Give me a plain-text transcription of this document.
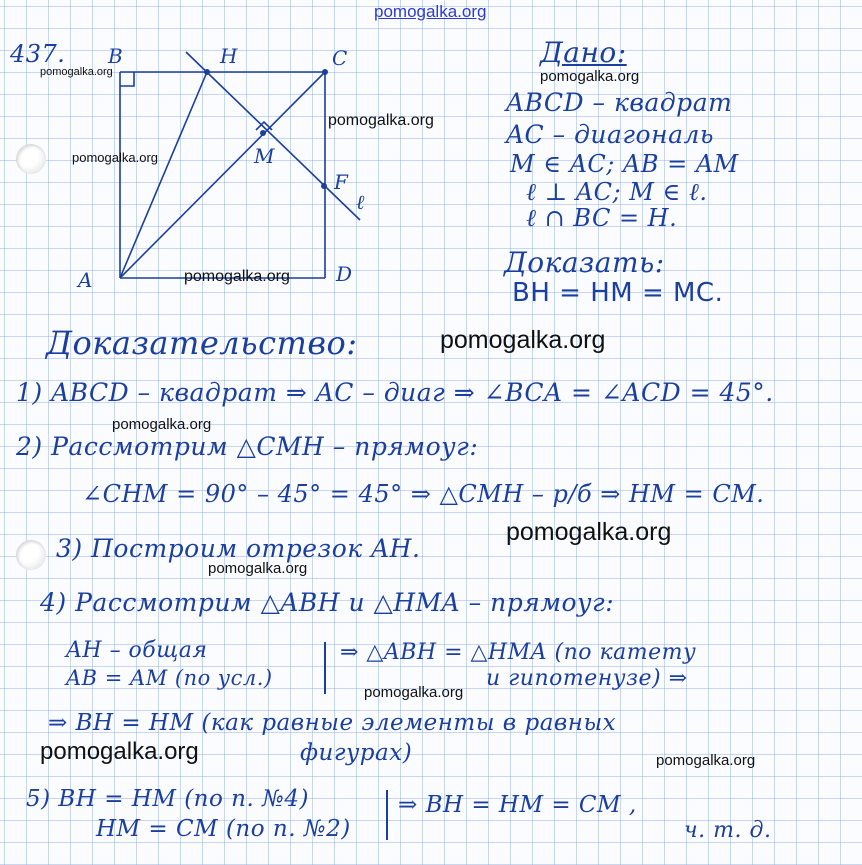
pomogalka.org
437. B	H	C
M
F
ℓ
A	D
Дано:
ABCD – квадрат
AC – диагональ
M ∈ AC; AB = AM
ℓ ⊥ AC; M ∈ ℓ.
ℓ ∩ BC = H.
Доказать:
BH = HM = MC.
Доказательство:
1) ABCD – квадрат ⇒ AC – диаг ⇒ ∠BCA = ∠ACD = 45°.
2) Рассмотрим △CMH – прямоуг:
∠CHM = 90° – 45° = 45° ⇒ △CMH – р/б ⇒ HM = CM.
3) Построим отрезок AH.
4) Рассмотрим △ABH и △HMA – прямоуг:
AH – общая
AB = AM (по усл.)
⇒ △ABH = △HMA (по катету
и гипотенузе) ⇒
⇒ BH = HM (как равные элементы в равных
фигурах)
5) BH = HM (по п. №4)
HM = CM (по п. №2)
⇒ BH = HM = CM ,
ч. т. д.
pomogalka.org	pomogalka.org
pomogalka.org
pomogalka.org
pomogalka.org
pomogalka.org
pomogalka.org
pomogalka.org
pomogalka.org
pomogalka.org
pomogalka.org	pomogalka.org
